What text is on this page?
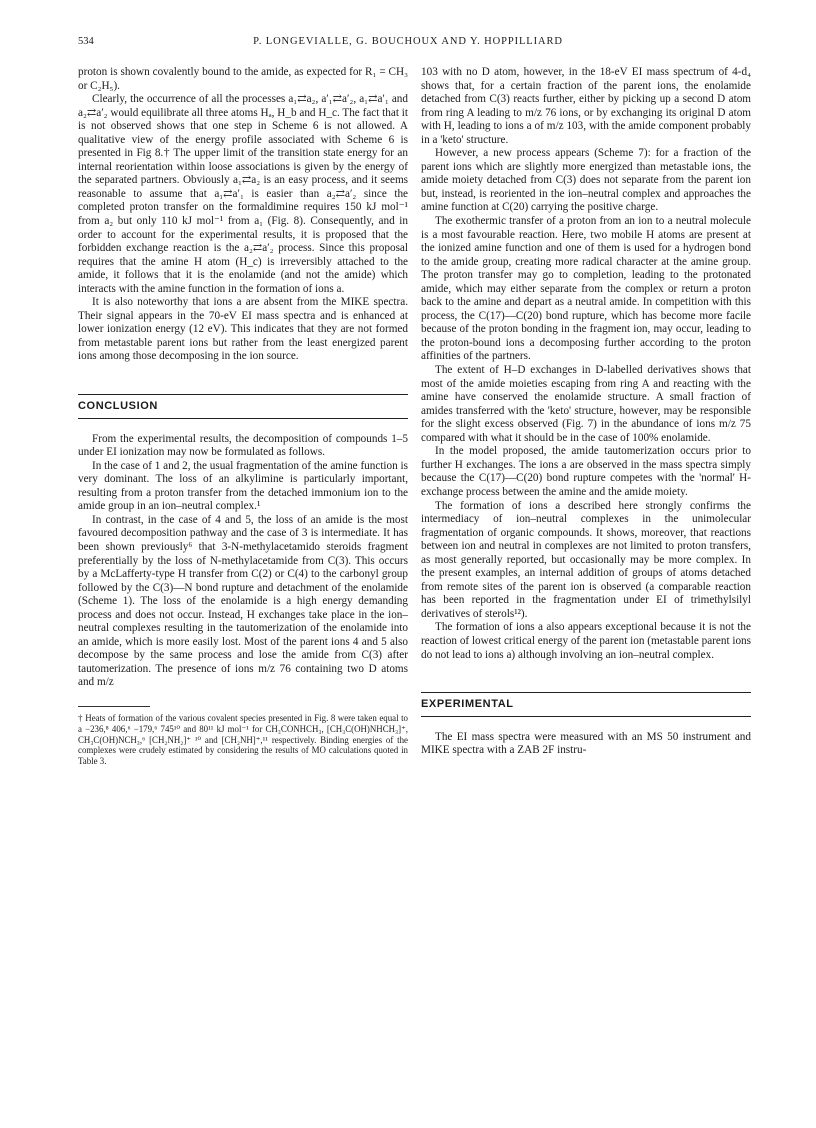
534	P. LONGEVIALLE, G. BOUCHOUX AND Y. HOPPILLIARD

proton is shown covalently bound to the amide, as expected for R₁ = CH₃ or C₂H₅).

Clearly, the occurrence of all the processes a₁⇄a₂, a′₁⇄a′₂, a₁⇄a′₁ and a₂⇄a′₂ would equilibrate all three atoms Hₐ, H_b and H_c. The fact that it is not observed shows that one step in Scheme 6 is not allowed. A qualitative view of the energy profile associated with Scheme 6 is presented in Fig 8.† The upper limit of the transition state energy for an internal reorientation within loose associations is given by the energy of the separated partners. Obviously a₁⇄a₂ is an easy process, and it seems reasonable to assume that a₁⇄a′₁ is easier than a₂⇄a′₂ since the completed proton transfer on the formaldimine requires 150 kJ mol⁻¹ from a₂ but only 110 kJ mol⁻¹ from a₁ (Fig. 8). Consequently, and in order to account for the experimental results, it is proposed that the forbidden exchange reaction is the a₂⇄a′₂ process. Since this proposal requires that the amine H atom (H_c) is irreversibly attached to the amide, it follows that it is the enolamide (and not the amide) which interacts with the amine function in the formation of ions a.

It is also noteworthy that ions a are absent from the MIKE spectra. Their signal appears in the 70-eV EI mass spectra and is enhanced at lower ionization energy (12 eV). This indicates that they are not formed from metastable parent ions but rather from the least energized parent ions among those decomposing in the ion source.

CONCLUSION

From the experimental results, the decomposition of compounds 1–5 under EI ionization may now be formulated as follows.

In the case of 1 and 2, the usual fragmentation of the amine function is very dominant. The loss of an alkylimine is particularly important, resulting from a proton transfer from the detached immonium ion to the amide group in an ion–neutral complex.¹

In contrast, in the case of 4 and 5, the loss of an amide is the most favoured decomposition pathway and the case of 3 is intermediate. It has been shown previously⁶ that 3-N-methylacetamido steroids fragment preferentially by the loss of N-methylacetamide from C(3). This occurs by a McLafferty-type H transfer from C(2) or C(4) to the carbonyl group followed by the C(3)—N bond rupture and detachment of the enolamide (Scheme 1). The loss of the enolamide is a high energy demanding process and does not occur. Instead, H exchanges take place in the ion–neutral complexes resulting in the tautomerization of the enolamide into an amide, which is more easily lost. Most of the parent ions 4 and 5 also decompose by the same process and lose the amide from C(3) after tautomerization. The presence of ions m/z 76 containing two D atoms and m/z

† Heats of formation of the various covalent species presented in Fig. 8 were taken equal to a −236,⁸ 406,⁶ −179,⁶ 745¹⁰ and 80¹¹ kJ mol⁻¹ for CH₃CONHCH₃, [CH₃C(OH)NHCH₃]⁺, CH₃C(OH)NCH₃,⁶ [CH₂NH₂]⁺ ¹⁰ and [CH₂NH]⁺,¹¹ respectively. Binding energies of the complexes were crudely estimated by considering the results of MO calculations quoted in Table 3.

103 with no D atom, however, in the 18-eV EI mass spectrum of 4-d₄ shows that, for a certain fraction of the parent ions, the enolamide detached from C(3) reacts further, either by picking up a second D atom from ring A leading to m/z 76 ions, or by exchanging its original D atom with H, leading to ions a of m/z 103, with the amide component probably in a 'keto' structure.

However, a new process appears (Scheme 7): for a fraction of the parent ions which are slightly more energized than metastable ions, the amide moiety detached from C(3) does not separate from the parent ion but, instead, is reoriented in the ion–neutral complex and approaches the amine function at C(20) carrying the positive charge.

The exothermic transfer of a proton from an ion to a neutral molecule is a most favourable reaction. Here, two mobile H atoms are present at the ionized amine function and one of them is used for a hydrogen bond to the amide group, creating more radical character at the amine group. The proton transfer may go to completion, leading to the protonated amide, which may either separate from the complex or return a proton back to the amine and depart as a neutral amide. In competition with this process, the C(17)—C(20) bond rupture, which has become more facile because of the proton bonding in the fragment ion, may occur, leading to the proton-bound ions a decomposing further according to the proton affinities of the partners.

The extent of H–D exchanges in D-labelled derivatives shows that most of the amide moieties escaping from ring A and reacting with the amine have conserved the enolamide structure. A small fraction of amides transferred with the 'keto' structure, however, may be responsible for the slight excess observed (Fig. 7) in the abundance of ions m/z 75 compared with what it should be in the case of 100% enolamide.

In the model proposed, the amide tautomerization occurs prior to further H exchanges. The ions a are observed in the mass spectra simply because the C(17)—C(20) bond rupture competes with the 'normal' H-exchange process between the amine and the amide moiety.

The formation of ions a described here strongly confirms the intermediacy of ion–neutral complexes in the unimolecular fragmentation of organic compounds. It shows, moreover, that reactions between ion and neutral in complexes are not limited to proton transfers, as most generally reported, but occasionally may be more complex. In the present examples, an internal addition of groups of atoms detached from remote sites of the parent ion is observed (a comparable reaction has been reported in the fragmentation under EI of trimethylsilyl derivatives of sterols¹²).

The formation of ions a also appears exceptional because it is not the reaction of lowest critical energy of the parent ion (metastable parent ions do not lead to ions a) although involving an ion–neutral complex.

EXPERIMENTAL

The EI mass spectra were measured with an MS 50 instrument and MIKE spectra with a ZAB 2F instru-
